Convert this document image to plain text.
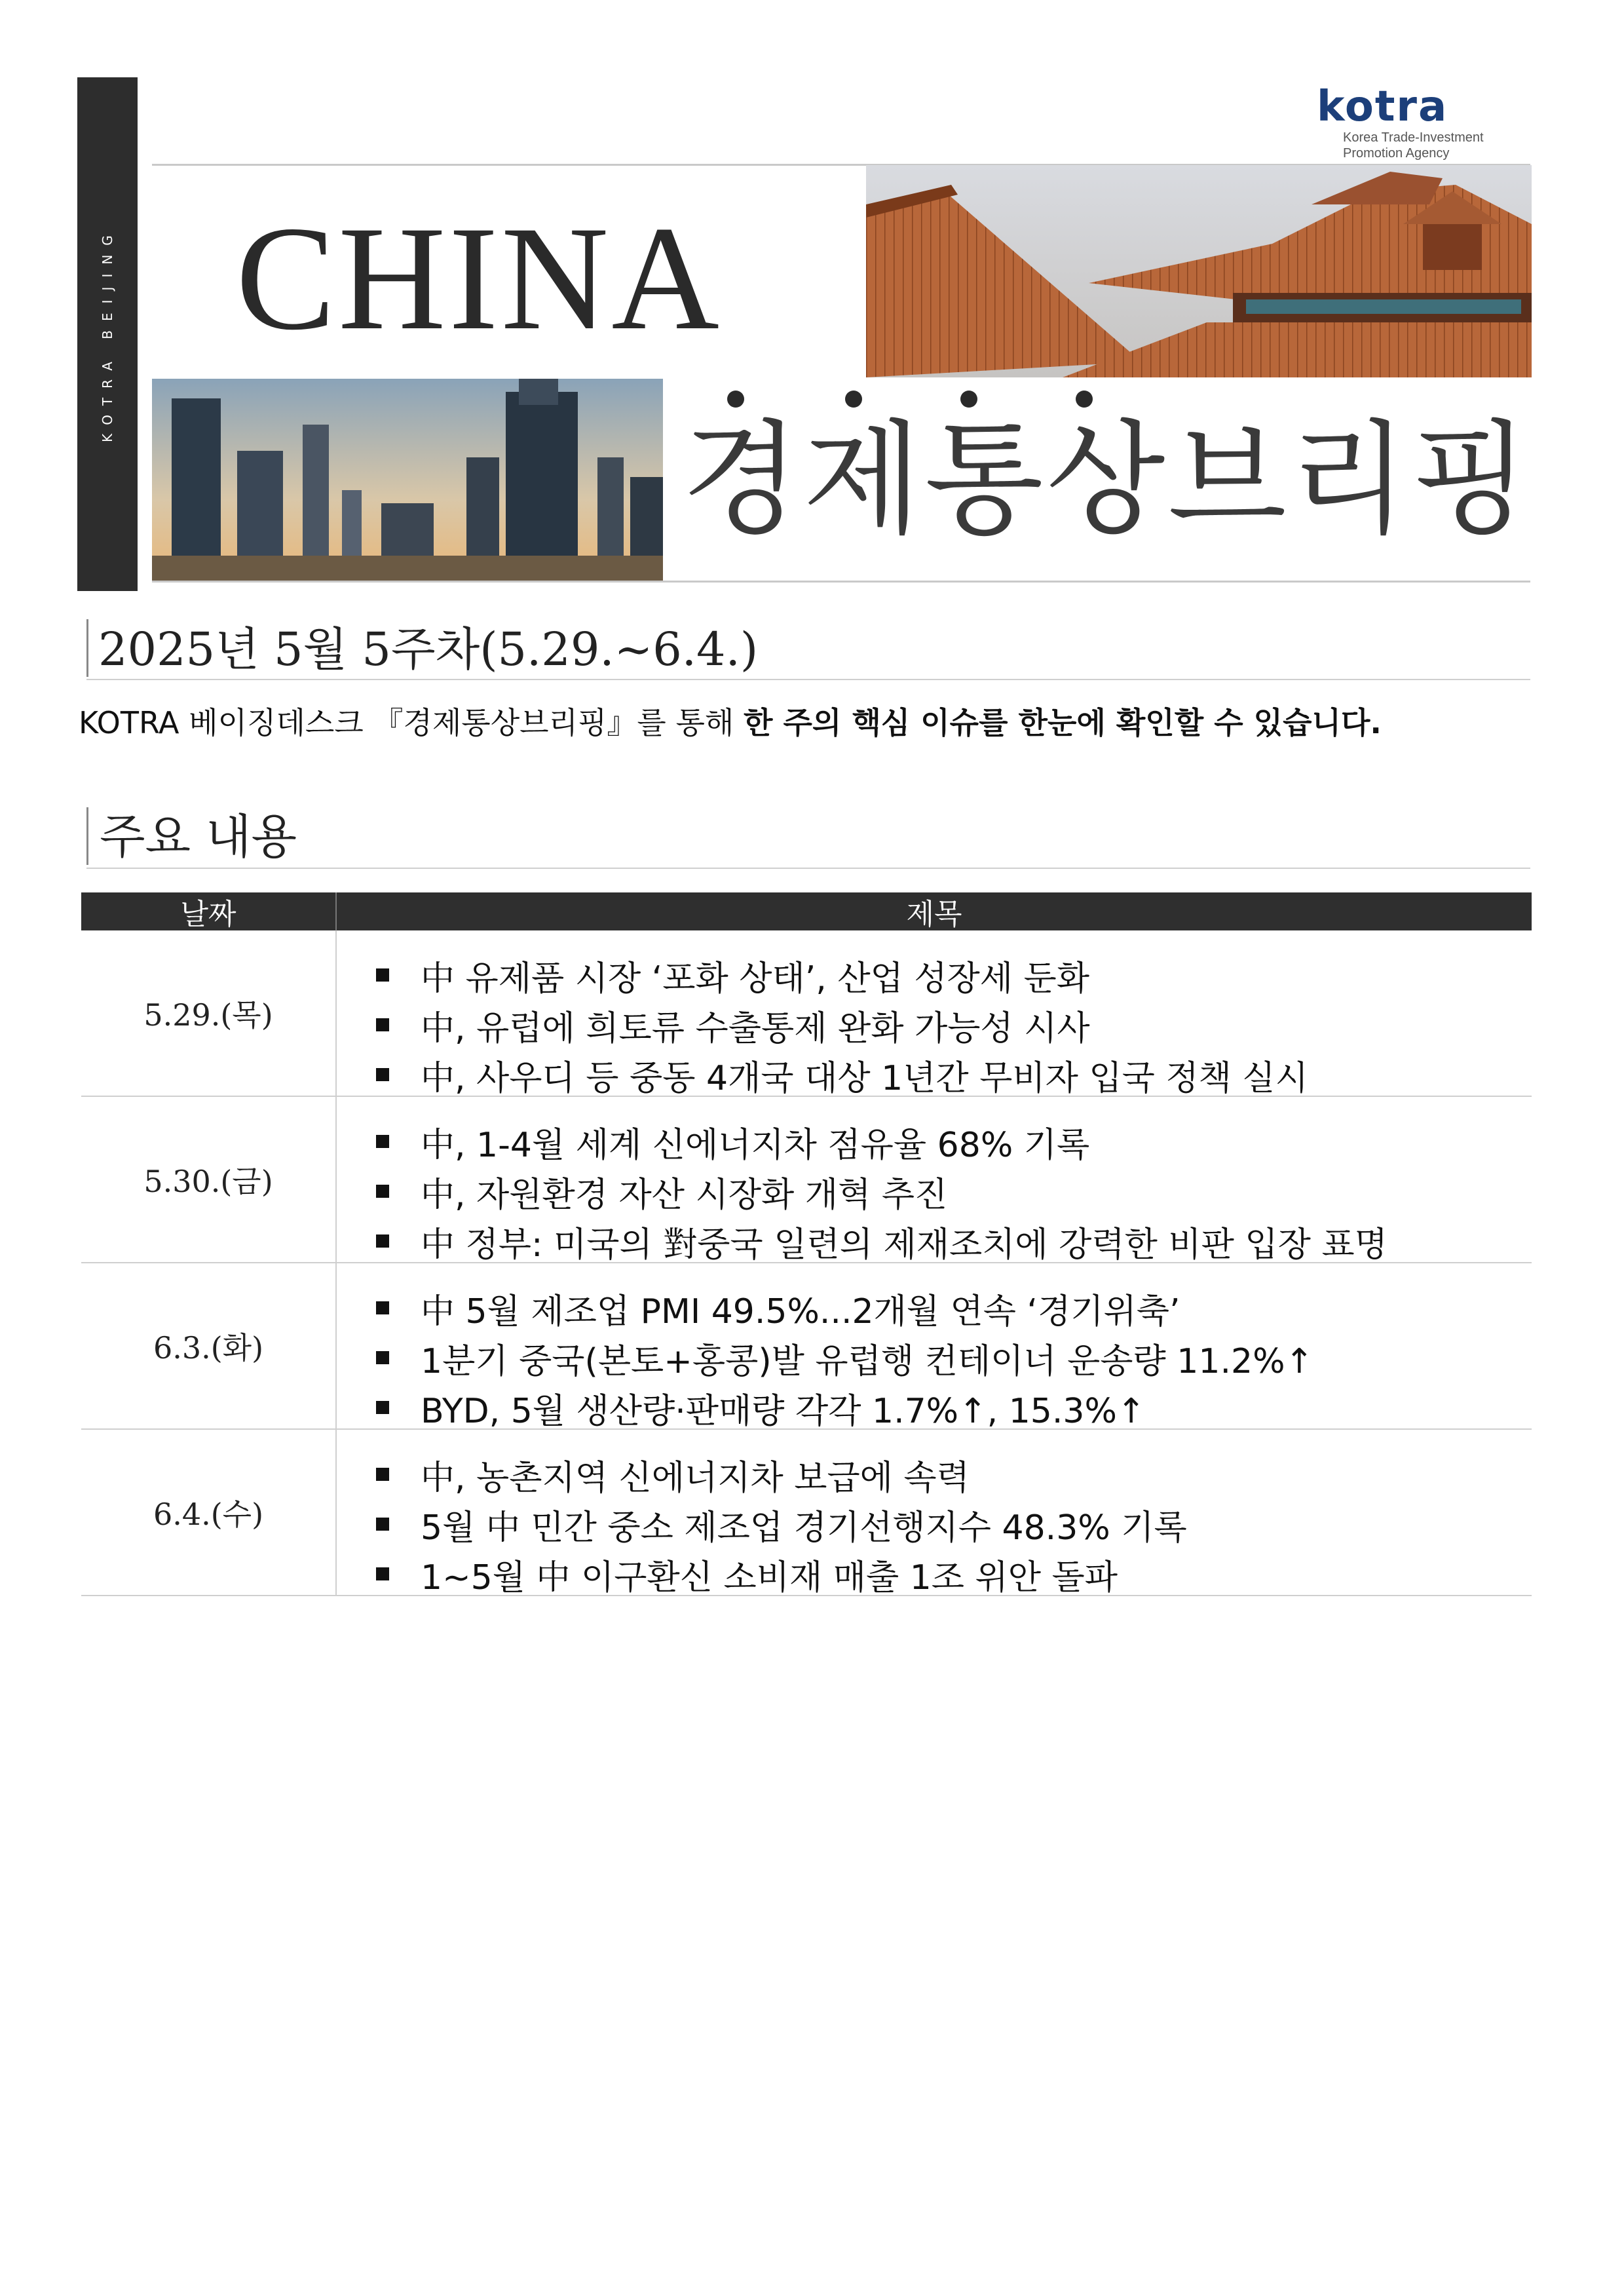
KOTRA BEIJING
kotra
Korea Trade-Investment
Promotion Agency
CHINA
경제통상브리핑
2025년 5월 5주차(5.29.~6.4.)
KOTRA 베이징데스크 『경제통상브리핑』를 통해 한 주의 핵심 이슈를 한눈에 확인할 수 있습니다.
주요 내용
날짜	제목
5.29.(목)
中 유제품 시장 ‘포화 상태’, 산업 성장세 둔화
中, 유럽에 희토류 수출통제 완화 가능성 시사
中, 사우디 등 중동 4개국 대상 1년간 무비자 입국 정책 실시
5.30.(금)
中, 1-4월 세계 신에너지차 점유율 68% 기록
中, 자원환경 자산 시장화 개혁 추진
中 정부: 미국의 對중국 일련의 제재조치에 강력한 비판 입장 표명
6.3.(화)
中 5월 제조업 PMI 49.5%...2개월 연속 ‘경기위축’
1분기 중국(본토+홍콩)발 유럽행 컨테이너 운송량 11.2%↑
BYD, 5월 생산량·판매량 각각 1.7%↑, 15.3%↑
6.4.(수)
中, 농촌지역 신에너지차 보급에 속력
5월 中 민간 중소 제조업 경기선행지수 48.3% 기록
1~5월 中 이구환신 소비재 매출 1조 위안 돌파
